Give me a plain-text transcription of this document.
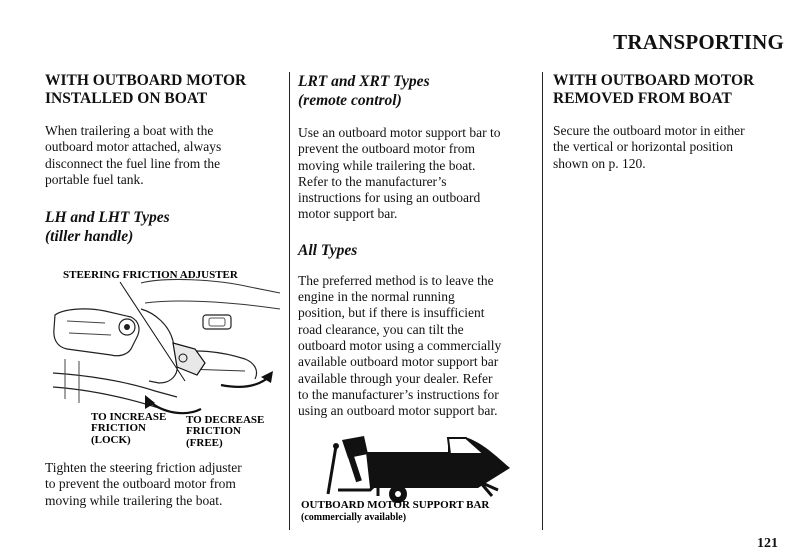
TRANSPORTING
WITH OUTBOARD MOTOR
INSTALLED ON BOAT

When trailering a boat with the
outboard motor attached, always
disconnect the fuel line from the
portable fuel tank.

LH and LHT Types
(tiller handle)
STEERING FRICTION ADJUSTER
TO INCREASE
FRICTION
(LOCK)
TO DECREASE
FRICTION
(FREE)

Tighten the steering friction adjuster
to prevent the outboard motor from
moving while trailering the boat.

LRT and XRT Types
(remote control)

Use an outboard motor support bar to
prevent the outboard motor from
moving while trailering the boat.
Refer to the manufacturer’s
instructions for using an outboard
motor support bar.

All Types

The preferred method is to leave the
engine in the normal running
position, but if there is insufficient
road clearance, you can tilt the
outboard motor using a commercially
available outboard motor support bar
available through your dealer. Refer
to the manufacturer’s instructions for
using an outboard motor support bar.

OUTBOARD MOTOR SUPPORT BAR
(commercially available)
WITH OUTBOARD MOTOR
REMOVED FROM BOAT

Secure the outboard motor in either
the vertical or horizontal position
shown on p. 120.

121
